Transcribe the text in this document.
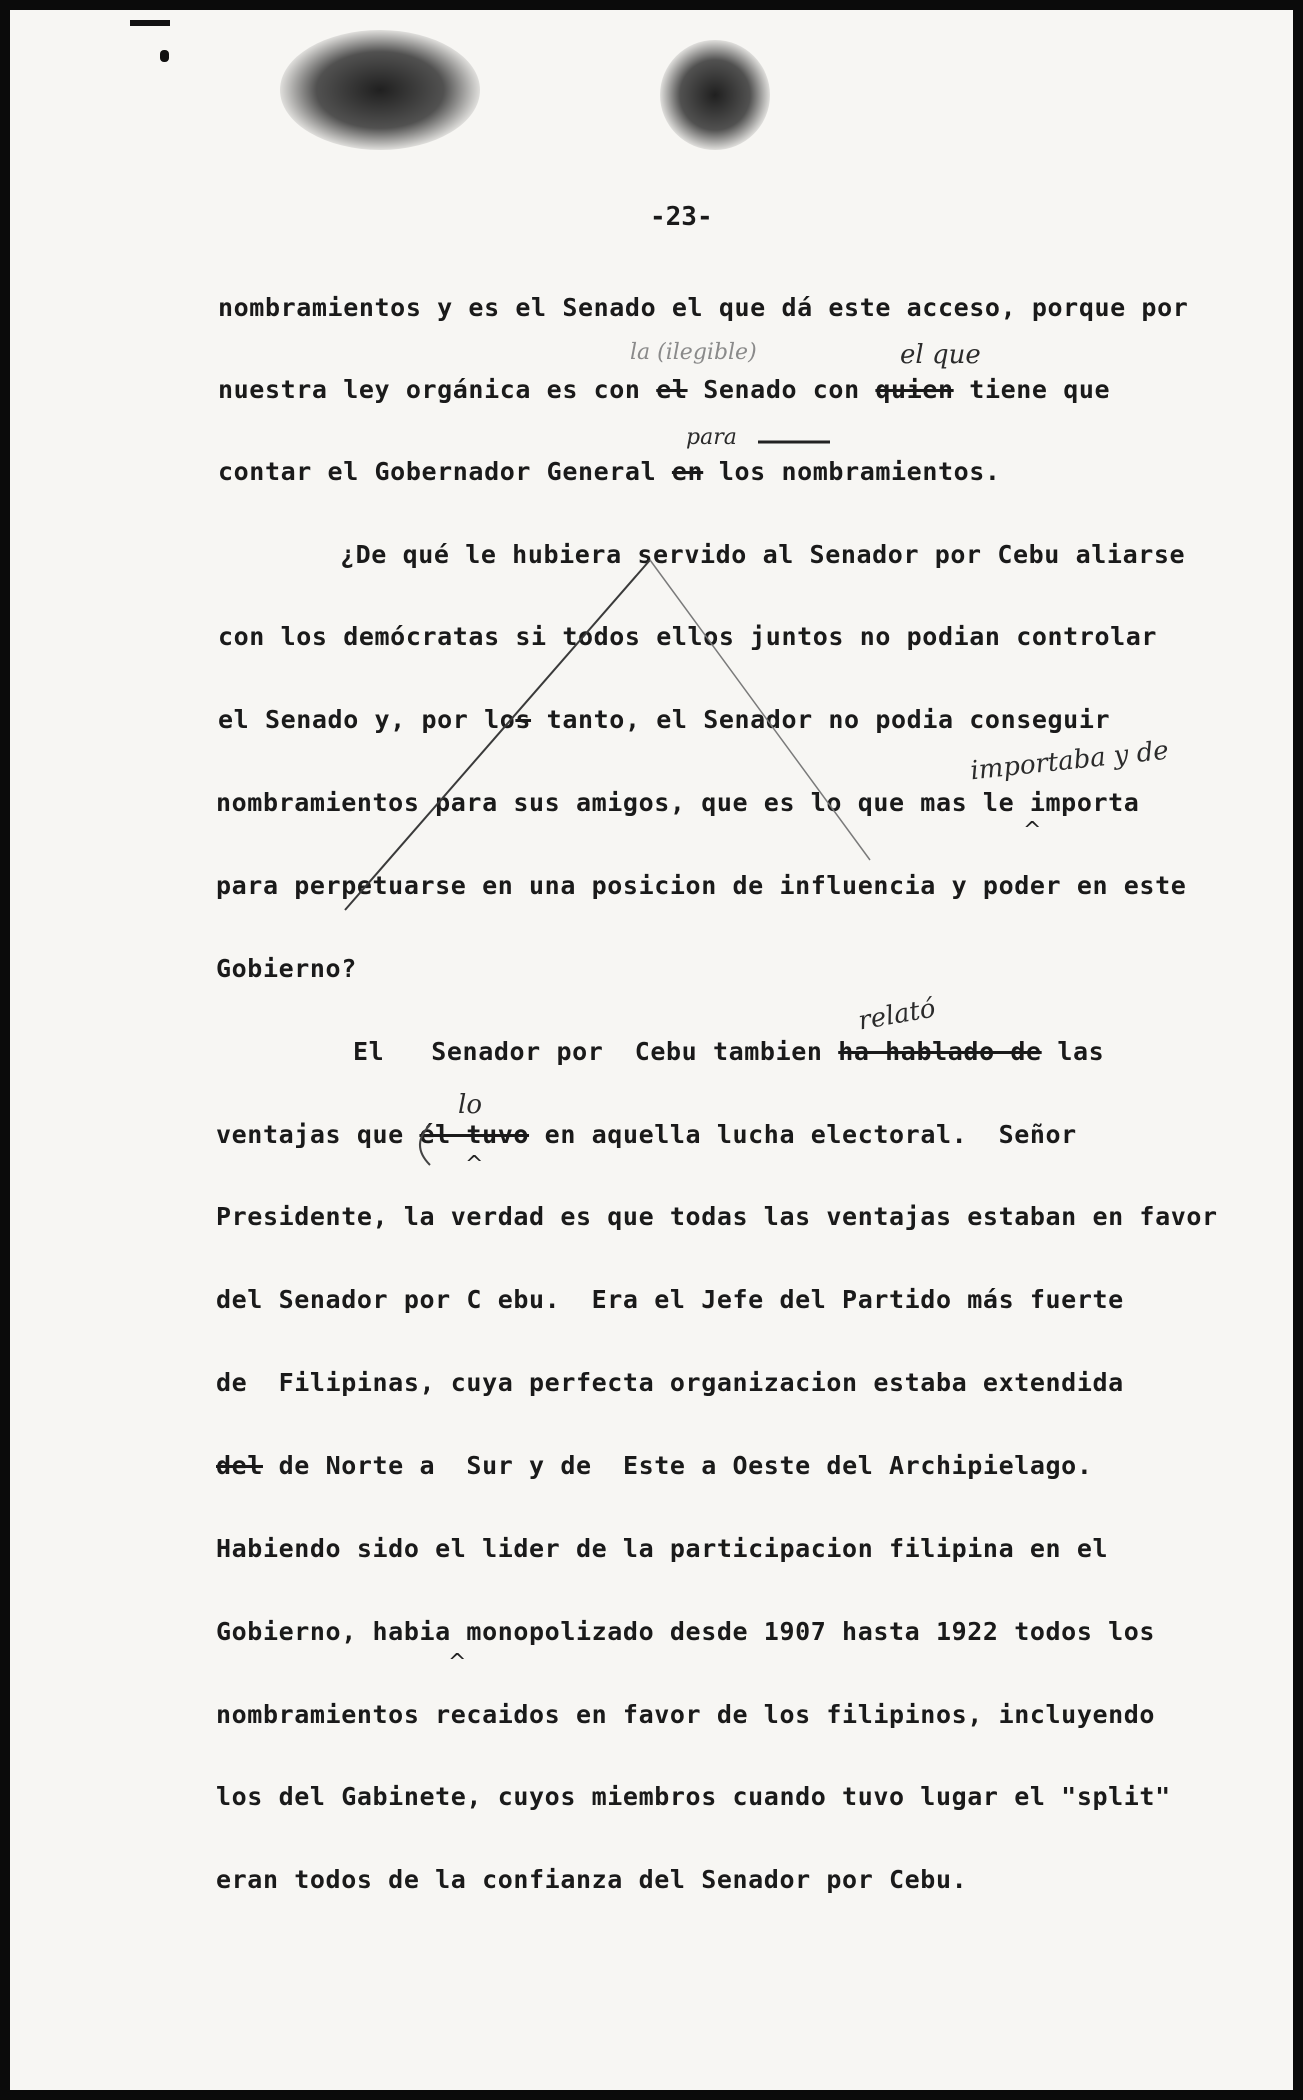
-23-
nombramientos y es el Senado el que dá este acceso, porque por
nuestra ley orgánica es con el Senado con quien tiene que
contar el Gobernador General en los nombramientos.
¿De qué le hubiera servido al Senador por Cebu aliarse
con los demócratas si todos ellos juntos no podian controlar
el Senado y, por los tanto, el Senador no podia conseguir
nombramientos para sus amigos, que es lo que mas le importa
para perpetuarse en una posicion de influencia y poder en este
Gobierno?
El   Senador por  Cebu tambien ha hablado de las
ventajas que él tuvo en aquella lucha electoral.  Señor
Presidente, la verdad es que todas las ventajas estaban en favor
del Senador por C ebu.  Era el Jefe del Partido más fuerte
de  Filipinas, cuya perfecta organizacion estaba extendida
del de Norte a  Sur y de  Este a Oeste del Archipielago.
Habiendo sido el lider de la participacion filipina en el
Gobierno, habia monopolizado desde 1907 hasta 1922 todos los
nombramientos recaidos en favor de los filipinos, incluyendo
los del Gabinete, cuyos miembros cuando tuvo lugar el "split"
eran todos de la confianza del Senador por Cebu.
la (ilegible)	el que
para
importaba y de
relató
lo
^
^
^
